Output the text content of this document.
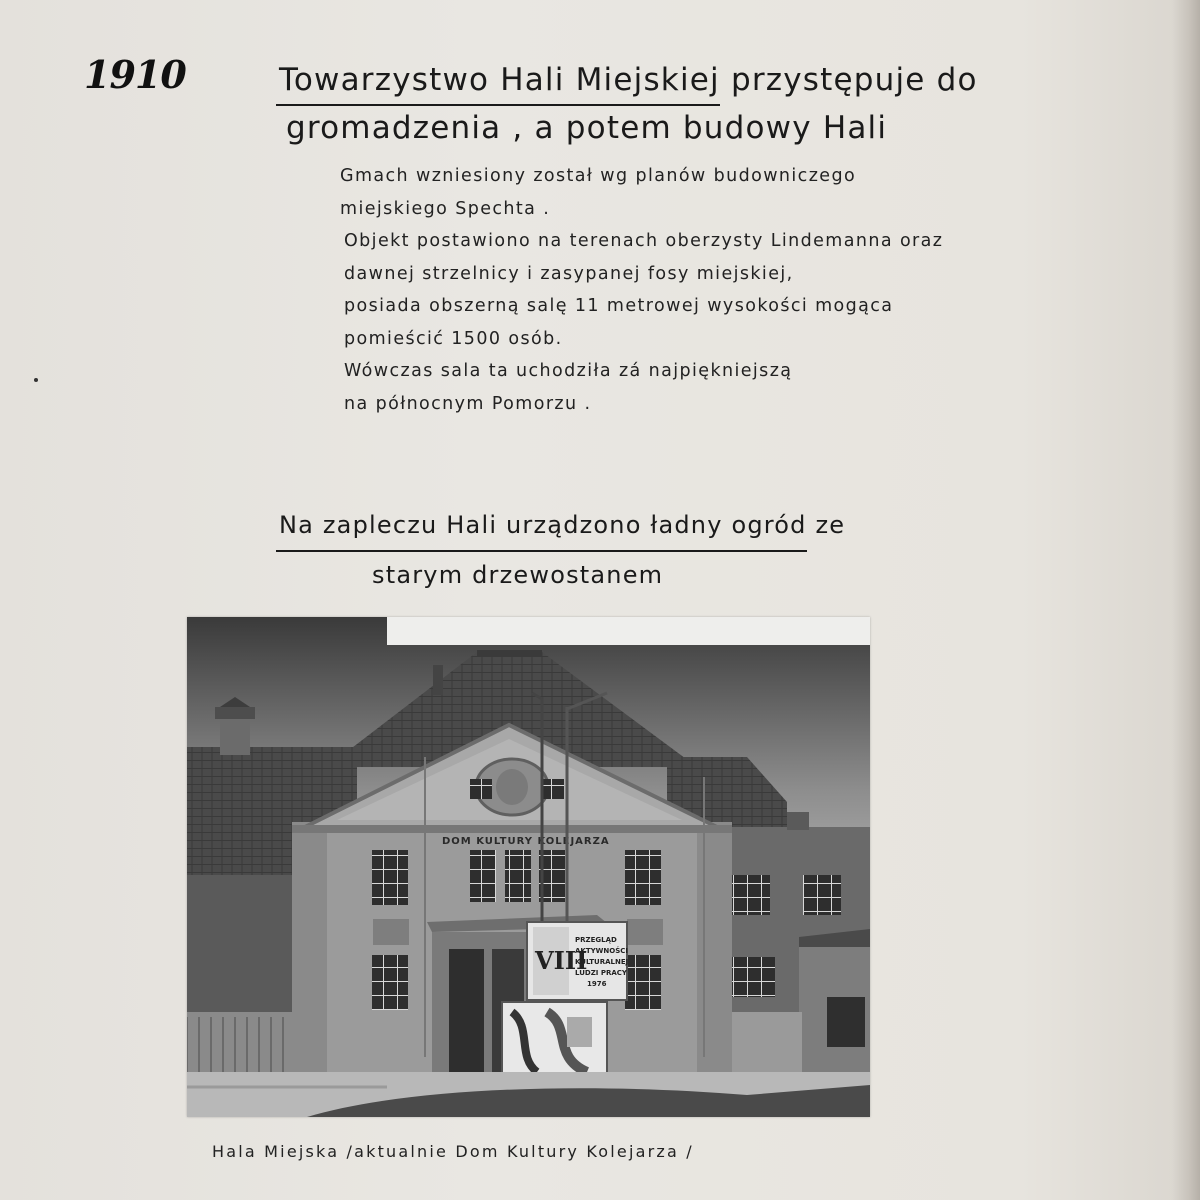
1910	Towarzystwo Hali Miejskiej przystępuje do
gromadzenia , a potem budowy Hali
Gmach wzniesiony został wg planów budowniczego
miejskiego Spechta .
Objekt postawiono na terenach oberzysty Lindemanna oraz
dawnej strzelnicy i zasypanej fosy miejskiej,
posiada obszerną salę 11 metrowej wysokości mogąca
pomieścić 1500 osób.
Wówczas sala ta uchodziła zá najpiękniejszą
na północnym Pomorzu .
Na zapleczu Hali urządzono ładny ogród ze
starym drzewostanem
DOM KULTURY KOLEJARZA
VIII
PRZEGLĄD
AKTYWNOŚCI
KULTURALNEJ
LUDZI PRACY
1976
Hala Miejska /aktualnie Dom Kultury Kolejarza /
